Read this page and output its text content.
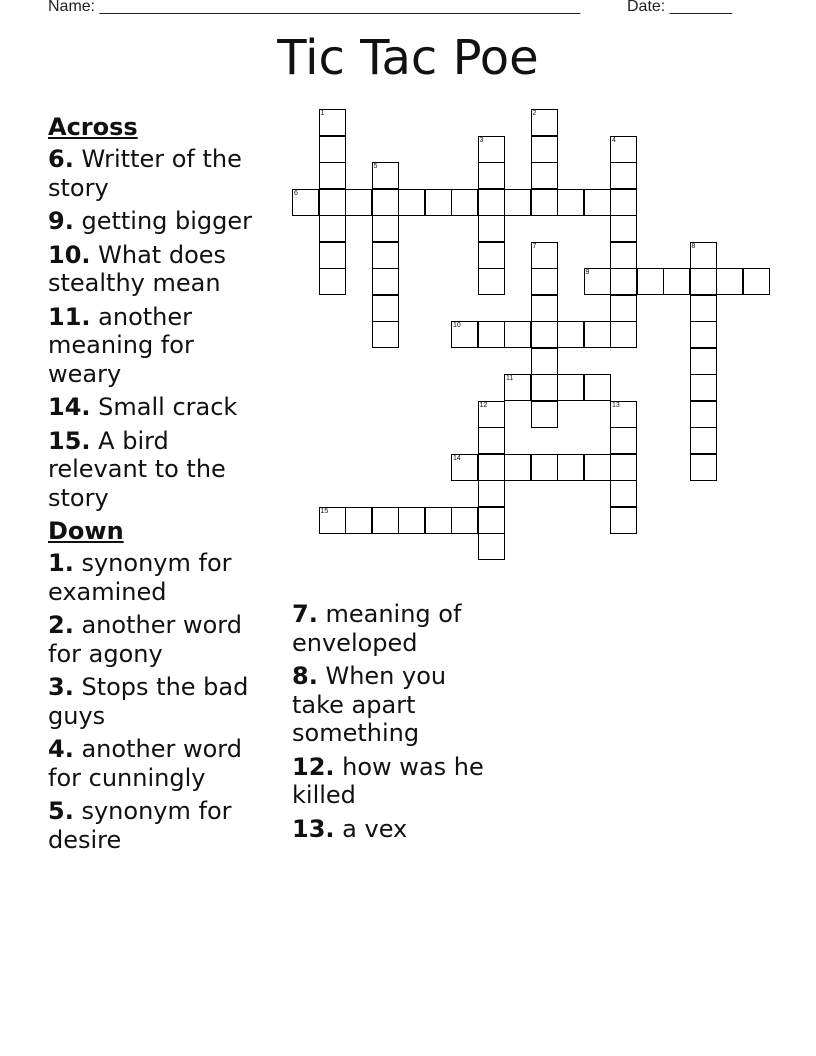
Name: ______________________________________________________	Date: _______
Tic Tac Poe
Across
6. Writter of the story
9. getting bigger
10. What does stealthy mean
11. another meaning for weary
14. Small crack
15. A bird relevant to the story
Down
1. synonym for examined
2. another word for agony
3. Stops the bad guys
4. another word for cunningly
5. synonym for desire
7. meaning of enveloped
8. When you take apart something
12. how was he killed
13. a vex
1	2
3	4
5
6
7	8
9
10
11
12	13
14
15
